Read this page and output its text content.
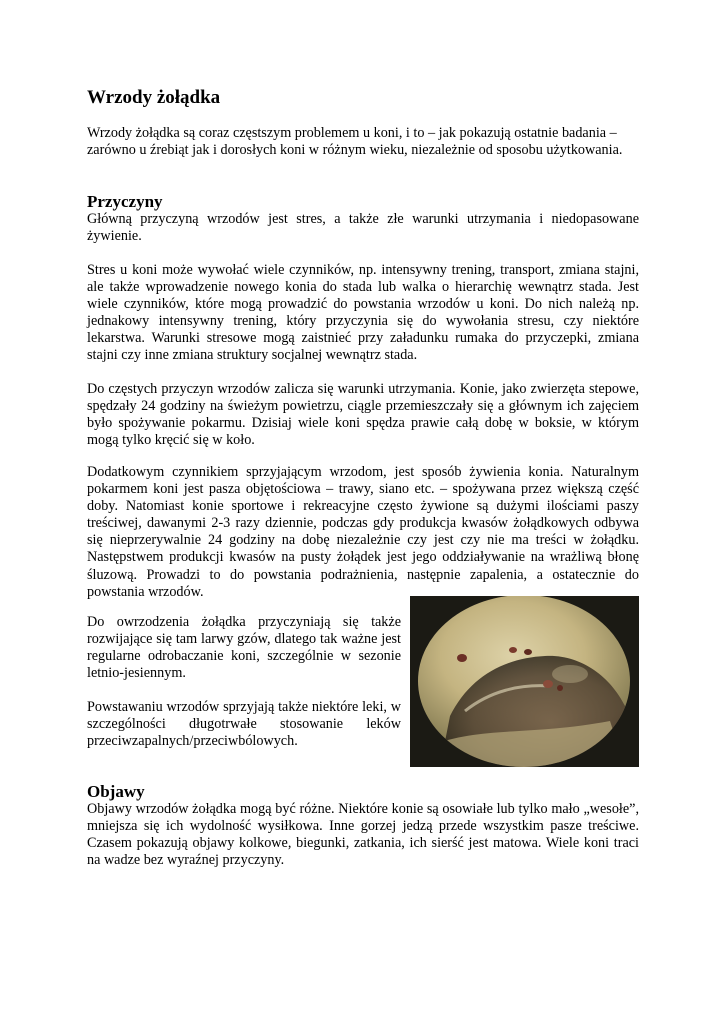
Wrzody żołądka

Wrzody żołądka są coraz częstszym problemem u koni, i to – jak pokazują ostatnie badania – zarówno u źrebiąt jak i dorosłych koni w różnym wieku, niezależnie od sposobu użytkowania.

Przyczyny

Główną przyczyną wrzodów jest stres, a także złe warunki utrzymania i niedopasowane żywienie.

Stres u koni może wywołać wiele czynników, np. intensywny trening, transport, zmiana stajni, ale także wprowadzenie nowego konia do stada lub walka o hierarchię wewnątrz stada. Jest wiele czynników, które mogą prowadzić do powstania wrzodów u koni. Do nich należą np. jednakowy intensywny trening, który przyczynia się do wywołania stresu, czy niektóre lekarstwa. Warunki stresowe mogą zaistnieć przy załadunku rumaka do przyczepki, zmiana stajni czy inne zmiana struktury socjalnej wewnątrz stada.

Do częstych przyczyn wrzodów zalicza się warunki utrzymania. Konie, jako zwierzęta stepowe, spędzały 24 godziny na świeżym powietrzu, ciągle przemieszczały się a głównym ich zajęciem było spożywanie pokarmu. Dzisiaj wiele koni spędza prawie całą dobę w boksie, w którym mogą tylko kręcić się w koło.

Dodatkowym czynnikiem sprzyjającym wrzodom, jest sposób żywienia konia. Naturalnym pokarmem koni jest pasza objętościowa – trawy, siano etc. – spożywana przez większą część doby. Natomiast konie sportowe i rekreacyjne często żywione są dużymi ilościami paszy treściwej, dawanymi 2-3 razy dziennie, podczas gdy produkcja kwasów żołądkowych odbywa się nieprzerywalnie 24 godziny na dobę niezależnie czy jest czy nie ma treści w żołądku. Następstwem produkcji kwasów na pusty żołądek jest jego oddziaływanie na wrażliwą błonę śluzową. Prowadzi to do powstania podrażnienia, następnie zapalenia, a ostatecznie do powstania wrzodów.

Do owrzodzenia żołądka przyczyniają się także rozwijające się tam larwy gzów, dlatego tak ważne jest regularne odrobaczanie koni, szczególnie w sezonie letnio-jesiennym.

Powstawaniu wrzodów sprzyjają także niektóre leki, w szczególności długotrwałe stosowanie leków przeciwzapalnych/przeciwbólowych.

Objawy

Objawy wrzodów żołądka mogą być różne. Niektóre konie są osowiałe lub tylko mało „wesołe”, mniejsza się ich wydolność wysiłkowa. Inne gorzej jedzą przede wszystkim pasze treściwe. Czasem pokazują objawy kolkowe, biegunki, zatkania, ich sierść jest matowa. Wiele koni traci na wadze bez wyraźnej przyczyny.
